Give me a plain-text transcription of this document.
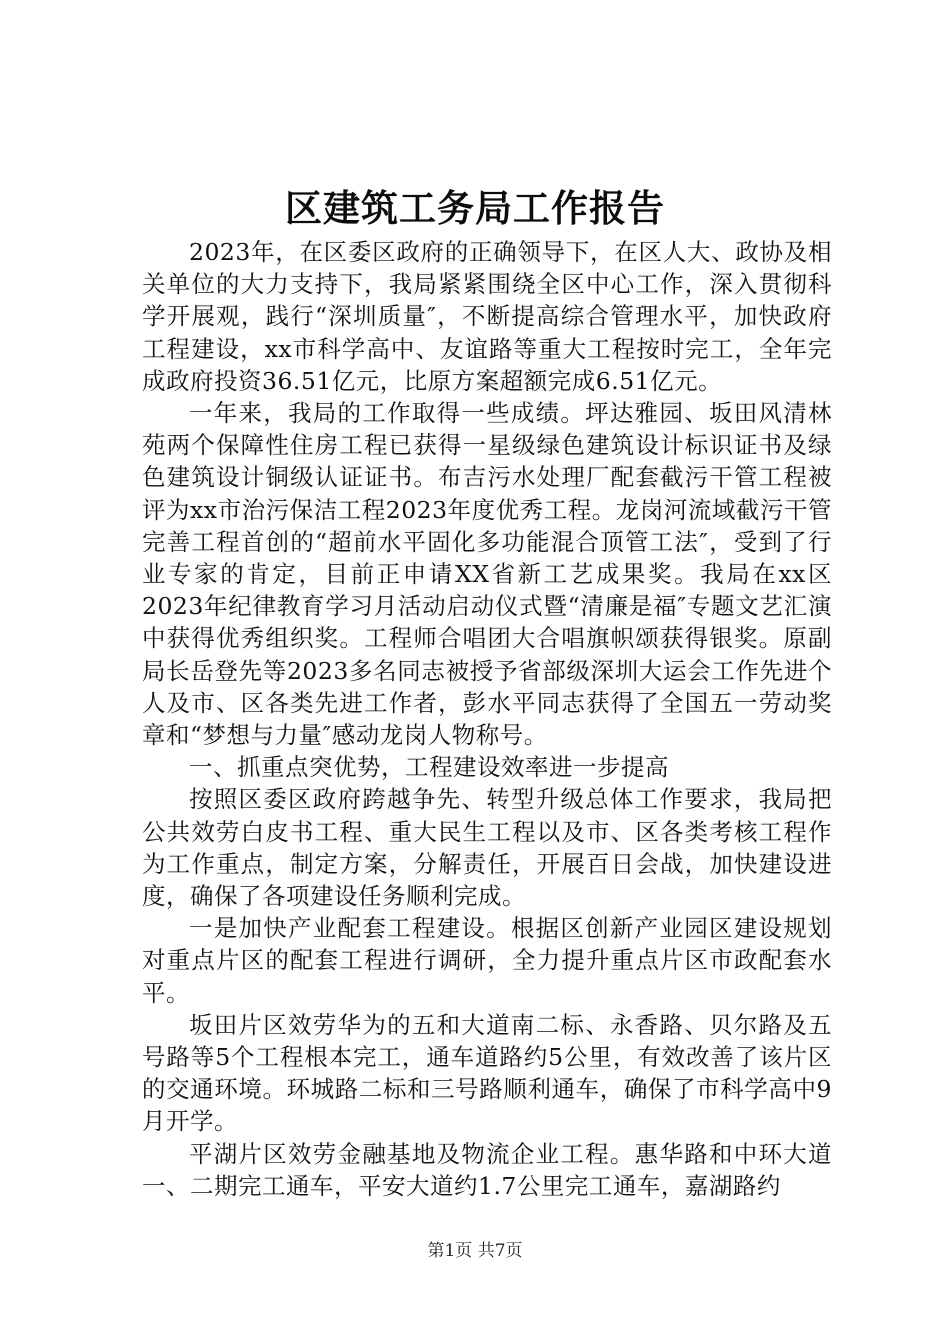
区建筑工务局工作报告

2023年，在区委区政府的正确领导下，在区人大、政协及相关单位的大力支持下，我局紧紧围绕全区中心工作，深入贯彻科学开展观，践行“深圳质量″，不断提高综合管理水平，加快政府工程建设，xx市科学高中、友谊路等重大工程按时完工，全年完成政府投资36.51亿元，比原方案超额完成6.51亿元。

一年来，我局的工作取得一些成绩。坪达雅园、坂田风清林苑两个保障性住房工程已获得一星级绿色建筑设计标识证书及绿色建筑设计铜级认证证书。布吉污水处理厂配套截污干管工程被评为xx市治污保洁工程2023年度优秀工程。龙岗河流域截污干管完善工程首创的“超前水平固化多功能混合顶管工法″，受到了行业专家的肯定，目前正申请XX省新工艺成果奖。我局在xx区2023年纪律教育学习月活动启动仪式暨“清廉是福″专题文艺汇演中获得优秀组织奖。工程师合唱团大合唱旗帜颂获得银奖。原副局长岳登先等2023多名同志被授予省部级深圳大运会工作先进个人及市、区各类先进工作者，彭水平同志获得了全国五一劳动奖章和“梦想与力量″感动龙岗人物称号。

一、抓重点突优势，工程建设效率进一步提高

按照区委区政府跨越争先、转型升级总体工作要求，我局把公共效劳白皮书工程、重大民生工程以及市、区各类考核工程作为工作重点，制定方案，分解责任，开展百日会战，加快建设进度，确保了各项建设任务顺利完成。

一是加快产业配套工程建设。根据区创新产业园区建设规划对重点片区的配套工程进行调研，全力提升重点片区市政配套水平。

坂田片区效劳华为的五和大道南二标、永香路、贝尔路及五号路等5个工程根本完工，通车道路约5公里，有效改善了该片区的交通环境。环城路二标和三号路顺利通车，确保了市科学高中9月开学。

平湖片区效劳金融基地及物流企业工程。惠华路和中环大道一、二期完工通车，平安大道约1.7公里完工通车，嘉湖路约

第1页 共7页
